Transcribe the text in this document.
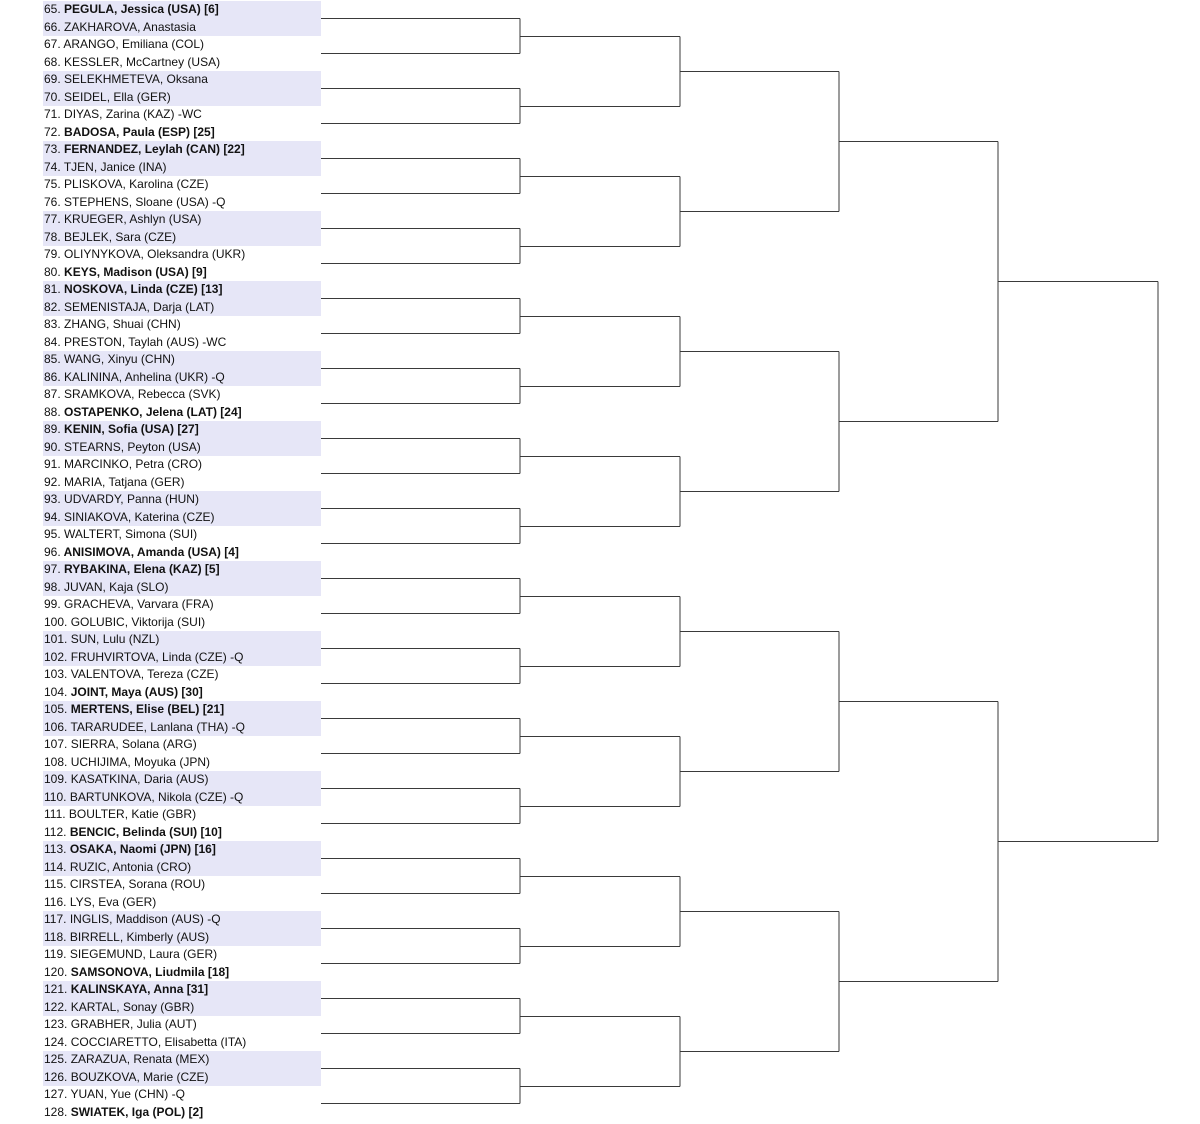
65. PEGULA, Jessica (USA) [6]
66. ZAKHAROVA, Anastasia
67. ARANGO, Emiliana (COL)
68. KESSLER, McCartney (USA)
69. SELEKHMETEVA, Oksana
70. SEIDEL, Ella (GER)
71. DIYAS, Zarina (KAZ) -WC
72. BADOSA, Paula (ESP) [25]
73. FERNANDEZ, Leylah (CAN) [22]
74. TJEN, Janice (INA)
75. PLISKOVA, Karolina (CZE)
76. STEPHENS, Sloane (USA) -Q
77. KRUEGER, Ashlyn (USA)
78. BEJLEK, Sara (CZE)
79. OLIYNYKOVA, Oleksandra (UKR)
80. KEYS, Madison (USA) [9]
81. NOSKOVA, Linda (CZE) [13]
82. SEMENISTAJA, Darja (LAT)
83. ZHANG, Shuai (CHN)
84. PRESTON, Taylah (AUS) -WC
85. WANG, Xinyu (CHN)
86. KALININA, Anhelina (UKR) -Q
87. SRAMKOVA, Rebecca (SVK)
88. OSTAPENKO, Jelena (LAT) [24]
89. KENIN, Sofia (USA) [27]
90. STEARNS, Peyton (USA)
91. MARCINKO, Petra (CRO)
92. MARIA, Tatjana (GER)
93. UDVARDY, Panna (HUN)
94. SINIAKOVA, Katerina (CZE)
95. WALTERT, Simona (SUI)
96. ANISIMOVA, Amanda (USA) [4]
97. RYBAKINA, Elena (KAZ) [5]
98. JUVAN, Kaja (SLO)
99. GRACHEVA, Varvara (FRA)
100. GOLUBIC, Viktorija (SUI)
101. SUN, Lulu (NZL)
102. FRUHVIRTOVA, Linda (CZE) -Q
103. VALENTOVA, Tereza (CZE)
104. JOINT, Maya (AUS) [30]
105. MERTENS, Elise (BEL) [21]
106. TARARUDEE, Lanlana (THA) -Q
107. SIERRA, Solana (ARG)
108. UCHIJIMA, Moyuka (JPN)
109. KASATKINA, Daria (AUS)
110. BARTUNKOVA, Nikola (CZE) -Q
111. BOULTER, Katie (GBR)
112. BENCIC, Belinda (SUI) [10]
113. OSAKA, Naomi (JPN) [16]
114. RUZIC, Antonia (CRO)
115. CIRSTEA, Sorana (ROU)
116. LYS, Eva (GER)
117. INGLIS, Maddison (AUS) -Q
118. BIRRELL, Kimberly (AUS)
119. SIEGEMUND, Laura (GER)
120. SAMSONOVA, Liudmila [18]
121. KALINSKAYA, Anna [31]
122. KARTAL, Sonay (GBR)
123. GRABHER, Julia (AUT)
124. COCCIARETTO, Elisabetta (ITA)
125. ZARAZUA, Renata (MEX)
126. BOUZKOVA, Marie (CZE)
127. YUAN, Yue (CHN) -Q
128. SWIATEK, Iga (POL) [2]
